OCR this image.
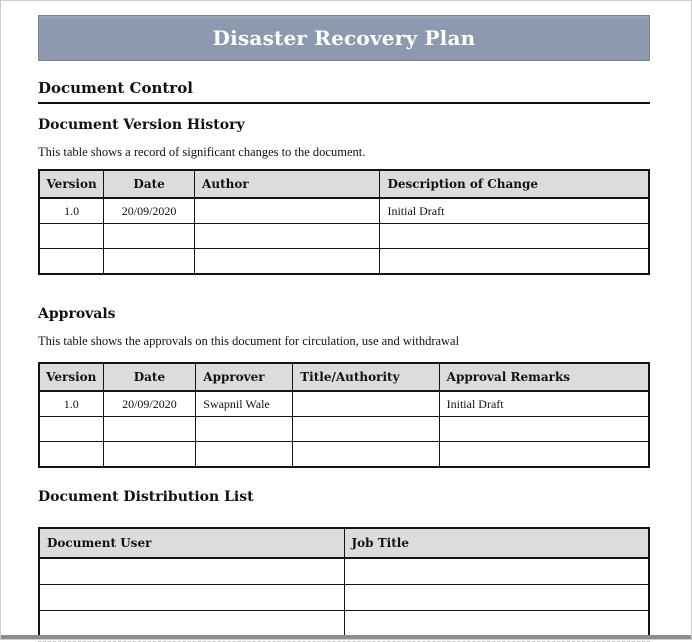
Disaster Recovery Plan
Document Control
Document Version History
This table shows a record of significant changes to the document.
Version	Date	Author	Description of Change
1.0	20/09/2020		Initial Draft

Approvals
This table shows the approvals on this document for circulation, use and withdrawal
Version	Date	Approver	Title/Authority	Approval Remarks
1.0	20/09/2020	Swapnil Wale		Initial Draft

Document Distribution List
Document User	Job Title
